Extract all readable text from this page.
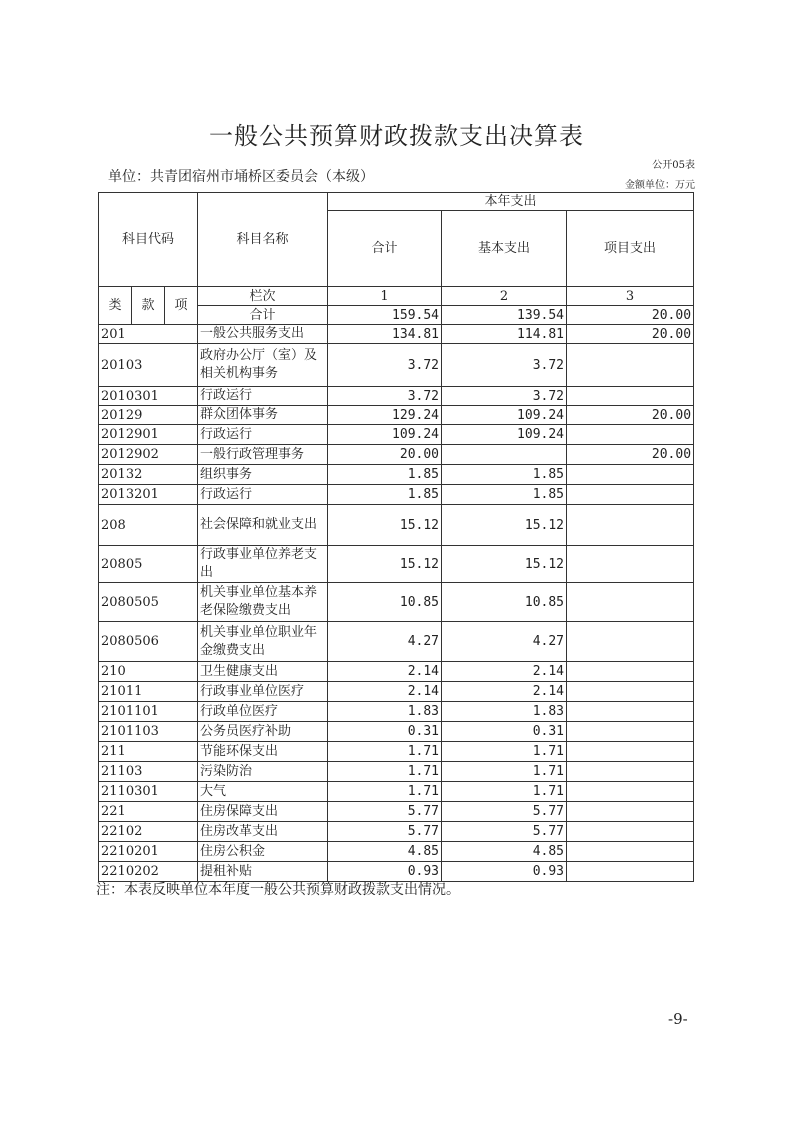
一般公共预算财政拨款支出决算表
公开05表
单位：共青团宿州市埇桥区委员会（本级）
金额单位：万元
科目代码			科目名称	本年支出		
				合计	基本支出	项目支出
类	款	项	栏次	1	2	3
			合计	159.54	139.54	20.00
201			一般公共服务支出	134.81	114.81	20.00
20103			政府办公厅（室）及相关机构事务	3.72	3.72	
2010301			行政运行	3.72	3.72	
20129			群众团体事务	129.24	109.24	20.00
2012901			行政运行	109.24	109.24	
2012902			一般行政管理事务	20.00		20.00
20132			组织事务	1.85	1.85	
2013201			行政运行	1.85	1.85	
208			社会保障和就业支出	15.12	15.12	
20805			行政事业单位养老支出	15.12	15.12	
2080505			机关事业单位基本养老保险缴费支出	10.85	10.85	
2080506			机关事业单位职业年金缴费支出	4.27	4.27	
210			卫生健康支出	2.14	2.14	
21011			行政事业单位医疗	2.14	2.14	
2101101			行政单位医疗	1.83	1.83	
2101103			公务员医疗补助	0.31	0.31	
211			节能环保支出	1.71	1.71	
21103			污染防治	1.71	1.71	
2110301			大气	1.71	1.71	
221			住房保障支出	5.77	5.77	
22102			住房改革支出	5.77	5.77	
2210201			住房公积金	4.85	4.85	
2210202			提租补贴	0.93	0.93	
注：本表反映单位本年度一般公共预算财政拨款支出情况。
-9-
